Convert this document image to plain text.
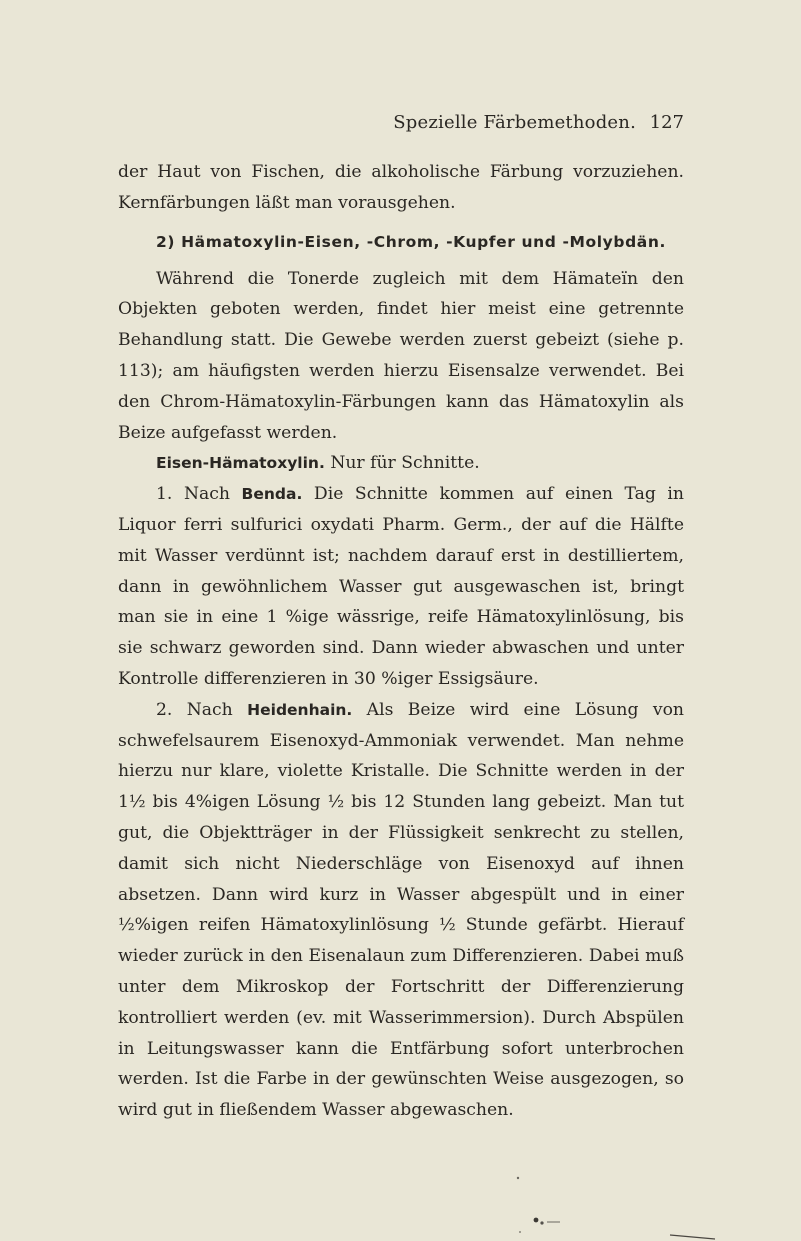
Spezielle Färbemethoden. 127

der Haut von Fischen, die alkoholische Färbung vorzuziehen. Kernfärbungen läßt man vorausgehen.

2) Hämatoxylin-Eisen, -Chrom, -Kupfer und -Molybdän.

Während die Tonerde zugleich mit dem Hämateïn den Objekten geboten werden, findet hier meist eine getrennte Behandlung statt. Die Gewebe werden zuerst gebeizt (siehe p. 113); am häufigsten werden hierzu Eisensalze verwendet. Bei den Chrom-Hämatoxylin-Färbungen kann das Hämatoxylin als Beize aufgefasst werden.

Eisen-Hämatoxylin. Nur für Schnitte.

1. Nach Benda. Die Schnitte kommen auf einen Tag in Liquor ferri sulfurici oxydati Pharm. Germ., der auf die Hälfte mit Wasser verdünnt ist; nachdem darauf erst in destilliertem, dann in gewöhnlichem Wasser gut ausgewaschen ist, bringt man sie in eine 1 %ige wässrige, reife Hämatoxylinlösung, bis sie schwarz geworden sind. Dann wieder abwaschen und unter Kontrolle differenzieren in 30 %iger Essigsäure.

2. Nach Heidenhain. Als Beize wird eine Lösung von schwefelsaurem Eisenoxyd-Ammoniak verwendet. Man nehme hierzu nur klare, violette Kristalle. Die Schnitte werden in der 1½ bis 4%igen Lösung ½ bis 12 Stunden lang gebeizt. Man tut gut, die Objektträger in der Flüssigkeit senkrecht zu stellen, damit sich nicht Niederschläge von Eisenoxyd auf ihnen absetzen. Dann wird kurz in Wasser abgespült und in einer ½%igen reifen Hämatoxylinlösung ½ Stunde gefärbt. Hierauf wieder zurück in den Eisenalaun zum Differenzieren. Dabei muß unter dem Mikroskop der Fortschritt der Differenzierung kontrolliert werden (ev. mit Wasserimmersion). Durch Abspülen in Leitungswasser kann die Entfärbung sofort unterbrochen werden. Ist die Farbe in der gewünschten Weise ausgezogen, so wird gut in fließendem Wasser abgewaschen.
